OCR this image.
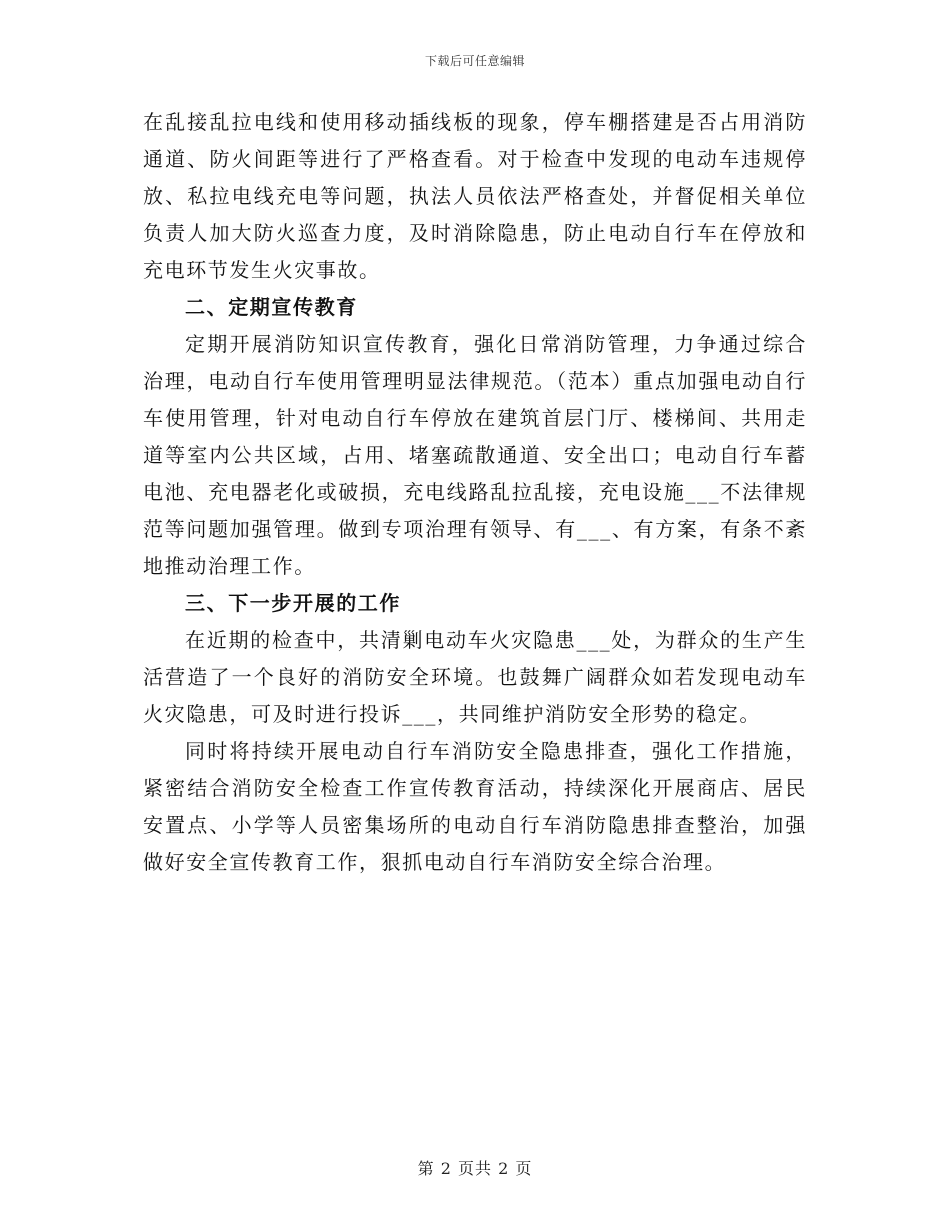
下载后可任意编辑

在乱接乱拉电线和使用移动插线板的现象，停车棚搭建是否占用消防通道、防火间距等进行了严格查看。对于检查中发现的电动车违规停放、私拉电线充电等问题，执法人员依法严格查处，并督促相关单位负责人加大防火巡查力度，及时消除隐患，防止电动自行车在停放和充电环节发生火灾事故。

二、定期宣传教育

定期开展消防知识宣传教育，强化日常消防管理，力争通过综合治理，电动自行车使用管理明显法律规范。（范本）重点加强电动自行车使用管理，针对电动自行车停放在建筑首层门厅、楼梯间、共用走道等室内公共区域，占用、堵塞疏散通道、安全出口；电动自行车蓄电池、充电器老化或破损，充电线路乱拉乱接，充电设施___不法律规范等问题加强管理。做到专项治理有领导、有___、有方案，有条不紊地推动治理工作。

三、下一步开展的工作

在近期的检查中，共清剿电动车火灾隐患___处，为群众的生产生活营造了一个良好的消防安全环境。也鼓舞广阔群众如若发现电动车火灾隐患，可及时进行投诉___，共同维护消防安全形势的稳定。

同时将持续开展电动自行车消防安全隐患排查，强化工作措施，紧密结合消防安全检查工作宣传教育活动，持续深化开展商店、居民安置点、小学等人员密集场所的电动自行车消防隐患排查整治，加强做好安全宣传教育工作，狠抓电动自行车消防安全综合治理。

第 2 页共 2 页
